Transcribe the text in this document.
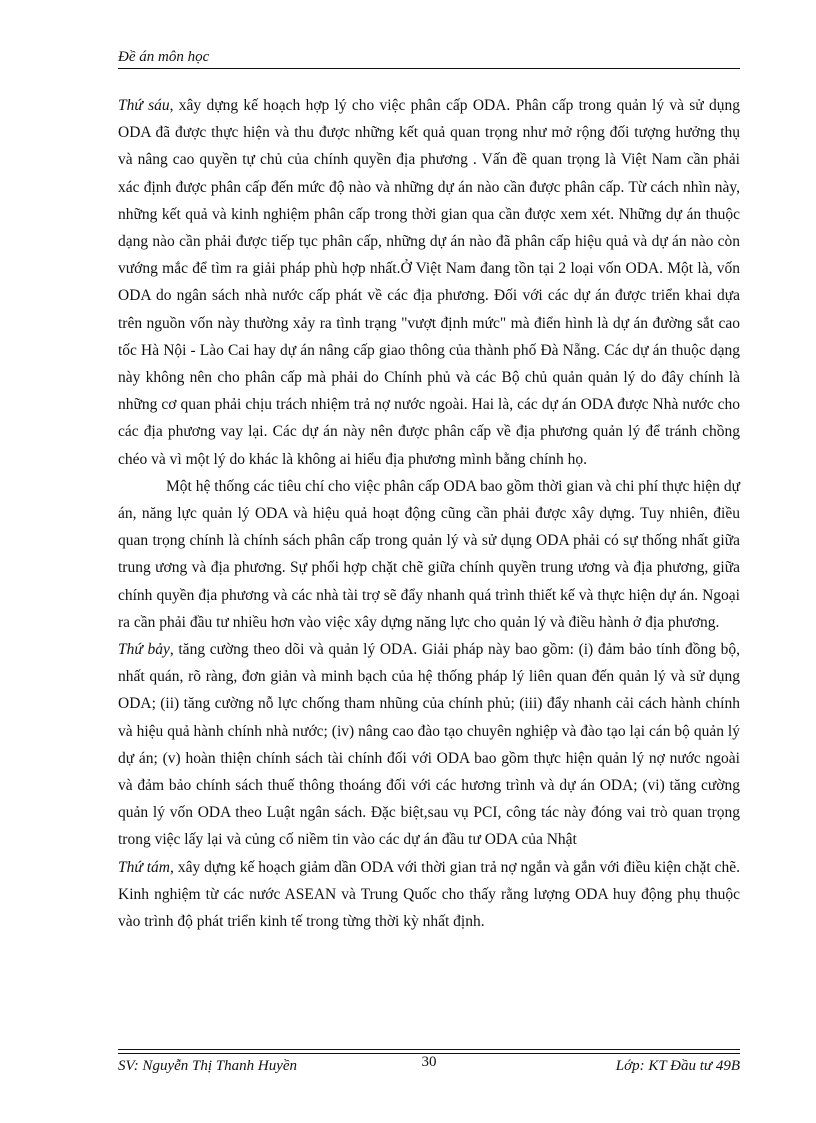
Đề án môn học

Thứ sáu, xây dựng kế hoạch hợp lý cho việc phân cấp ODA. Phân cấp trong quản lý và sử dụng ODA đã được thực hiện và thu được những kết quả quan trọng như mở rộng đối tượng hưởng thụ và nâng cao quyền tự chủ của chính quyền địa phương . Vấn đề quan trọng là Việt Nam cần phải xác định được phân cấp đến mức độ nào và những dự án nào cần được phân cấp. Từ cách nhìn này, những kết quả và kinh nghiệm phân cấp trong thời gian qua cần được xem xét. Những dự án thuộc dạng nào cần phải được tiếp tục phân cấp, những dự án nào đã phân cấp hiệu quả và dự án nào còn vướng mắc để tìm ra giải pháp phù hợp nhất.Ở Việt Nam đang tồn tại 2 loại vốn ODA. Một là, vốn ODA do ngân sách nhà nước cấp phát về các địa phương. Đối với các dự án được triển khai dựa trên nguồn vốn này thường xảy ra tình trạng "vượt định mức" mà điển hình là dự án đường sắt cao tốc Hà Nội - Lào Cai hay dự án nâng cấp giao thông của thành phố Đà Nẵng. Các dự án thuộc dạng này không nên cho phân cấp mà phải do Chính phủ và các Bộ chủ quản quản lý do đây chính là những cơ quan phải chịu trách nhiệm trả nợ nước ngoài. Hai là, các dự án ODA được Nhà nước cho các địa phương vay lại. Các dự án này nên được phân cấp về địa phương quản lý để tránh chồng chéo và vì một lý do khác là không ai hiểu địa phương mình bằng chính họ.

Một hệ thống các tiêu chí cho việc phân cấp ODA bao gồm thời gian và chi phí thực hiện dự án, năng lực quản lý ODA và hiệu quả hoạt động cũng cần phải được xây dựng. Tuy nhiên, điều quan trọng chính là chính sách phân cấp trong quản lý và sử dụng ODA phải có sự thống nhất giữa trung ương và địa phương. Sự phối hợp chặt chẽ giữa chính quyền trung ương và địa phương, giữa chính quyền địa phương và các nhà tài trợ sẽ đẩy nhanh quá trình thiết kế và thực hiện dự án. Ngoại ra cần phải đầu tư nhiều hơn vào việc xây dựng năng lực cho quản lý và điều hành ở địa phương.

Thứ bảy, tăng cường theo dõi và quản lý ODA. Giải pháp này bao gồm: (i) đảm bảo tính đồng bộ, nhất quán, rõ ràng, đơn giản và minh bạch của hệ thống pháp lý liên quan đến quản lý và sử dụng ODA; (ii) tăng cường nỗ lực chống tham nhũng của chính phủ; (iii) đẩy nhanh cải cách hành chính và hiệu quả hành chính nhà nước; (iv) nâng cao đào tạo chuyên nghiệp và đào tạo lại cán bộ quản lý dự án; (v) hoàn thiện chính sách tài chính đối với ODA bao gồm thực hiện quản lý nợ nước ngoài và đảm bảo chính sách thuế thông thoáng đối với các hương trình và dự án ODA; (vi) tăng cường quản lý vốn ODA theo Luật ngân sách. Đặc biệt,sau vụ PCI, công tác này đóng vai trò quan trọng trong việc lấy lại và củng cố niềm tin vào các dự án đầu tư ODA của Nhật

Thứ tám, xây dựng kế hoạch giảm dần ODA với thời gian trả nợ ngắn và gắn với điều kiện chặt chẽ. Kinh nghiệm từ các nước ASEAN và Trung Quốc cho thấy rằng lượng ODA huy động phụ thuộc vào trình độ phát triển kinh tế trong từng thời kỳ nhất định.

SV: Nguyễn Thị Thanh Huyền	30	Lớp: KT Đầu tư 49B
